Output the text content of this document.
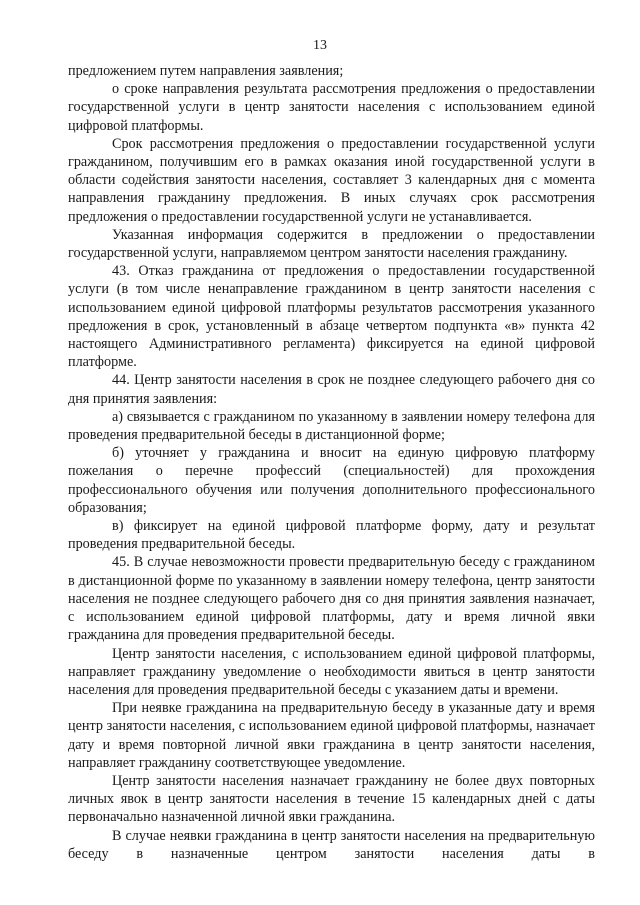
13

предложением путем направления заявления;

о сроке направления результата рассмотрения предложения о предоставлении государственной услуги в центр занятости населения с использованием единой цифровой платформы.

Срок рассмотрения предложения о предоставлении государственной услуги гражданином, получившим его в рамках оказания иной государственной услуги в области содействия занятости населения, составляет 3 календарных дня с момента направления гражданину предложения. В иных случаях срок рассмотрения предложения о предоставлении государственной услуги не устанавливается.

Указанная информация содержится в предложении о предоставлении государственной услуги, направляемом центром занятости населения гражданину.

43. Отказ гражданина от предложения о предоставлении государственной услуги (в том числе ненаправление гражданином в центр занятости населения с использованием единой цифровой платформы результатов рассмотрения указанного предложения в срок, установленный в абзаце четвертом подпункта «в» пункта 42 настоящего Административного регламента) фиксируется на единой цифровой платформе.

44. Центр занятости населения в срок не позднее следующего рабочего дня со дня принятия заявления:

а) связывается с гражданином по указанному в заявлении номеру телефона для проведения предварительной беседы в дистанционной форме;

б) уточняет у гражданина и вносит на единую цифровую платформу пожелания о перечне профессий (специальностей) для прохождения профессионального обучения или получения дополнительного профессионального образования;

в) фиксирует на единой цифровой платформе форму, дату и результат проведения предварительной беседы.

45. В случае невозможности провести предварительную беседу с гражданином в дистанционной форме по указанному в заявлении номеру телефона, центр занятости населения не позднее следующего рабочего дня со дня принятия заявления назначает, с использованием единой цифровой платформы, дату и время личной явки гражданина для проведения предварительной беседы.

Центр занятости населения, с использованием единой цифровой платформы, направляет гражданину уведомление о необходимости явиться в центр занятости населения для проведения предварительной беседы с указанием даты и времени.

При неявке гражданина на предварительную беседу в указанные дату и время центр занятости населения, с использованием единой цифровой платформы, назначает дату и время повторной личной явки гражданина в центр занятости населения, направляет гражданину соответствующее уведомление.

Центр занятости населения назначает гражданину не более двух повторных личных явок в центр занятости населения в течение 15 календарных дней с даты первоначально назначенной личной явки гражданина.

В случае неявки гражданина в центр занятости населения на предварительную беседу в назначенные центром занятости населения даты в
